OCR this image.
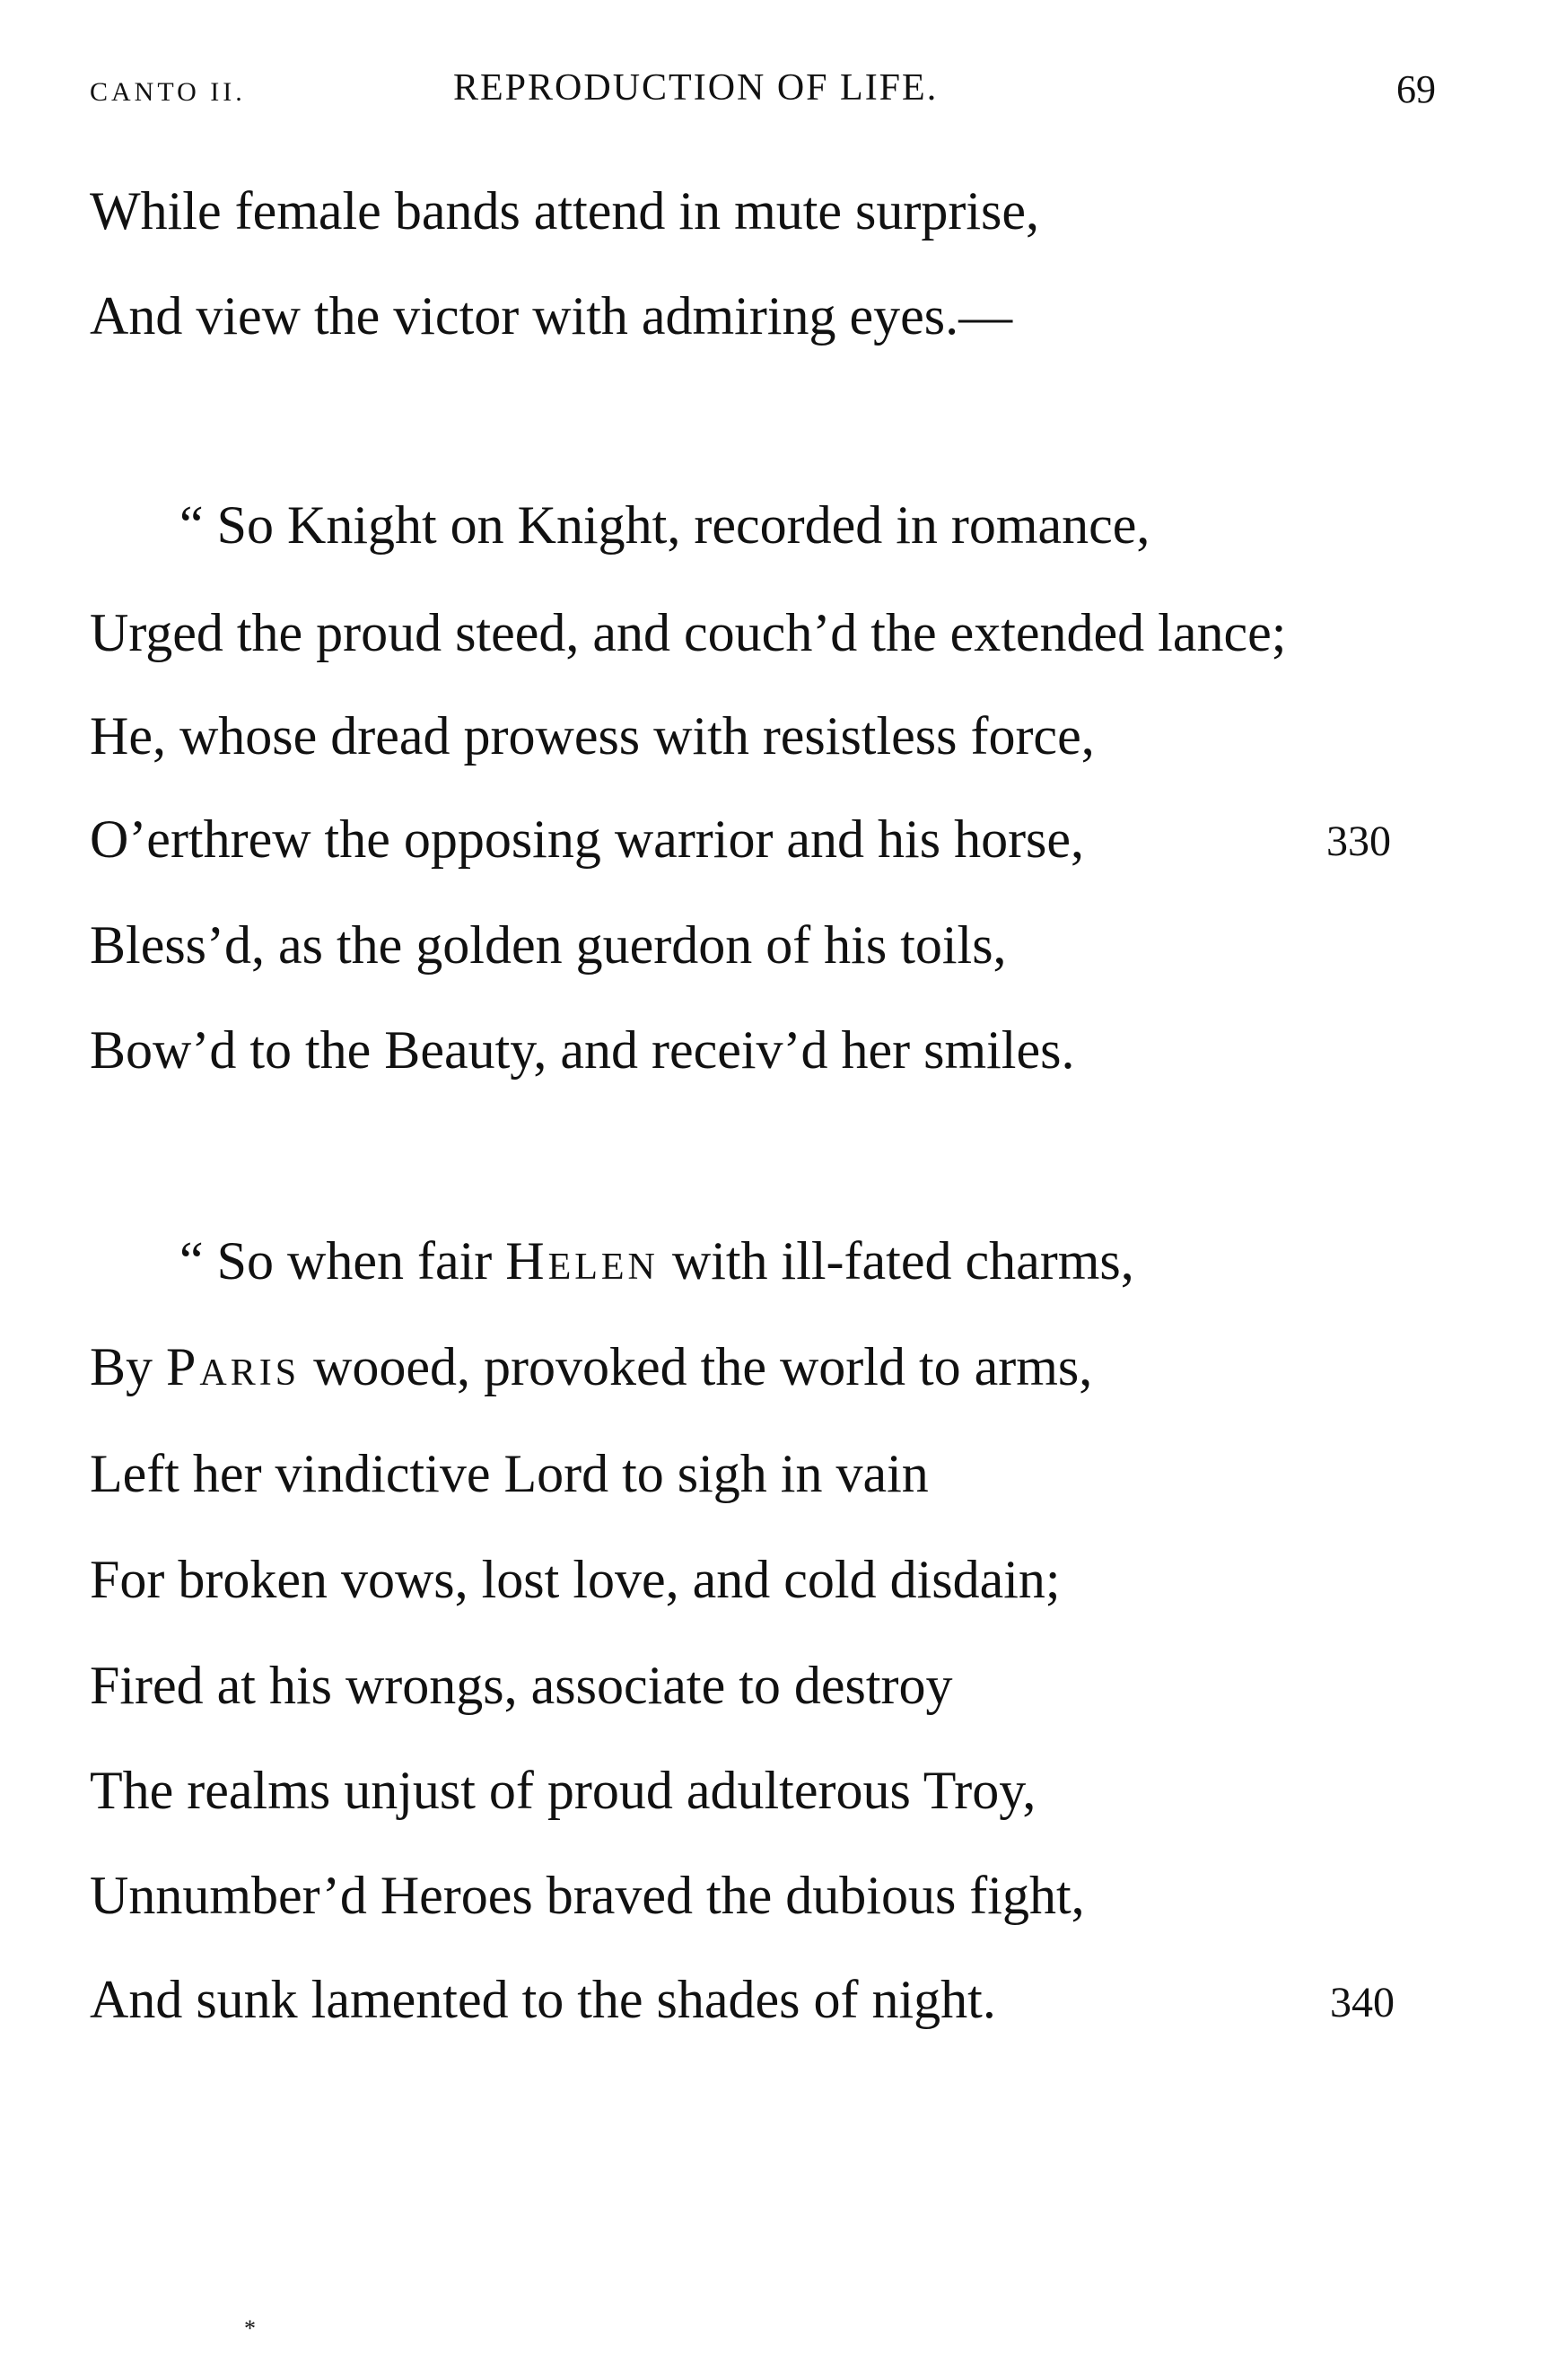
CANTO II.	REPRODUCTION OF LIFE.	69
While female bands attend in mute surprise,
And view the victor with admiring eyes.—
“ So Knight on Knight, recorded in romance,
Urged the proud steed, and couch’d the extended lance;
He, whose dread prowess with resistless force,
O’erthrew the opposing warrior and his horse,	330
Bless’d, as the golden guerdon of his toils,
Bow’d to the Beauty, and receiv’d her smiles.
“ So when fair Helen with ill-fated charms,
By Paris wooed, provoked the world to arms,
Left her vindictive Lord to sigh in vain
For broken vows, lost love, and cold disdain;
Fired at his wrongs, associate to destroy
The realms unjust of proud adulterous Troy,
Unnumber’d Heroes braved the dubious fight,
And sunk lamented to the shades of night.	340
*
